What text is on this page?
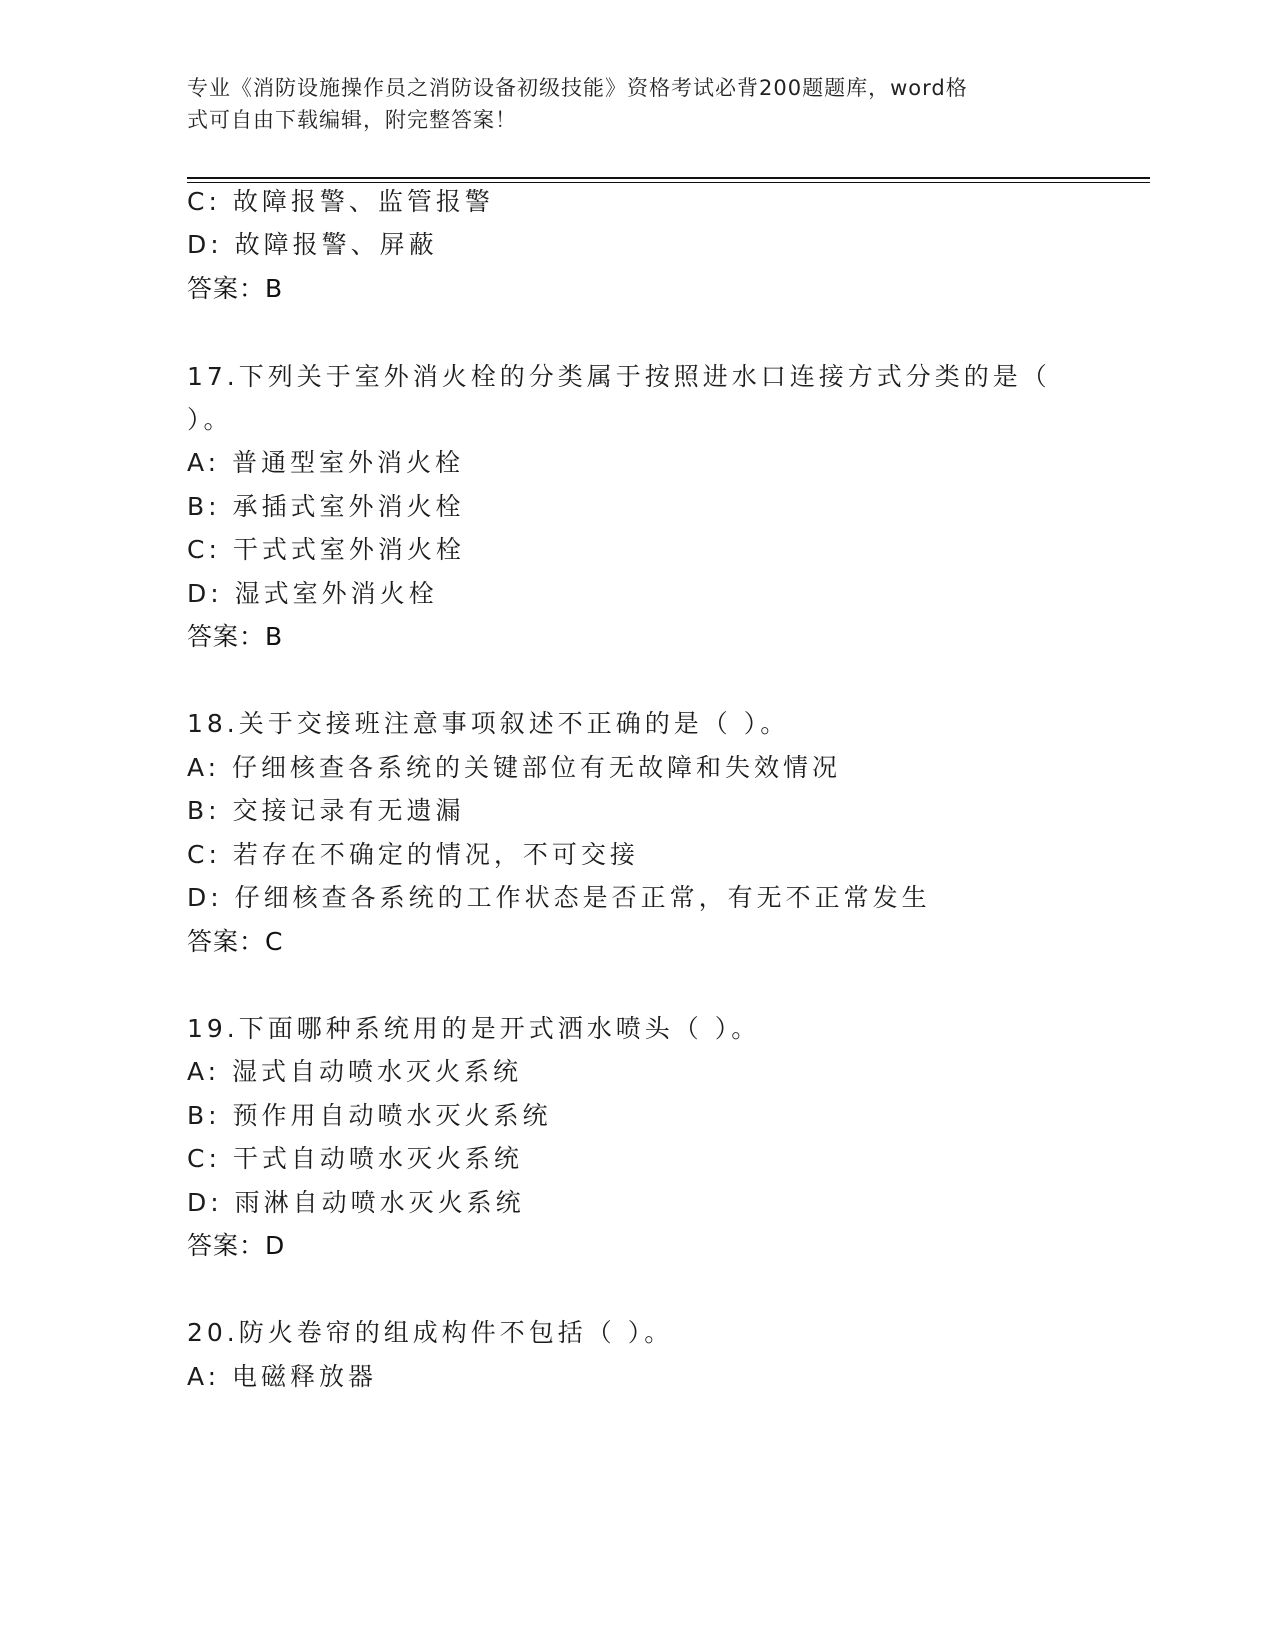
专业《消防设施操作员之消防设备初级技能》资格考试必背200题题库，word格
式可自由下载编辑，附完整答案！
C: 故障报警、监管报警
D: 故障报警、屏蔽
答案：B
17.下列关于室外消火栓的分类属于按照进水口连接方式分类的是（
）。
A: 普通型室外消火栓
B: 承插式室外消火栓
C: 干式式室外消火栓
D: 湿式室外消火栓
答案：B
18.关于交接班注意事项叙述不正确的是（ ）。
A: 仔细核查各系统的关键部位有无故障和失效情况
B: 交接记录有无遗漏
C: 若存在不确定的情况，不可交接
D: 仔细核查各系统的工作状态是否正常，有无不正常发生
答案：C
19.下面哪种系统用的是开式洒水喷头（ ）。
A: 湿式自动喷水灭火系统
B: 预作用自动喷水灭火系统
C: 干式自动喷水灭火系统
D: 雨淋自动喷水灭火系统
答案：D
20.防火卷帘的组成构件不包括（ ）。
A: 电磁释放器
